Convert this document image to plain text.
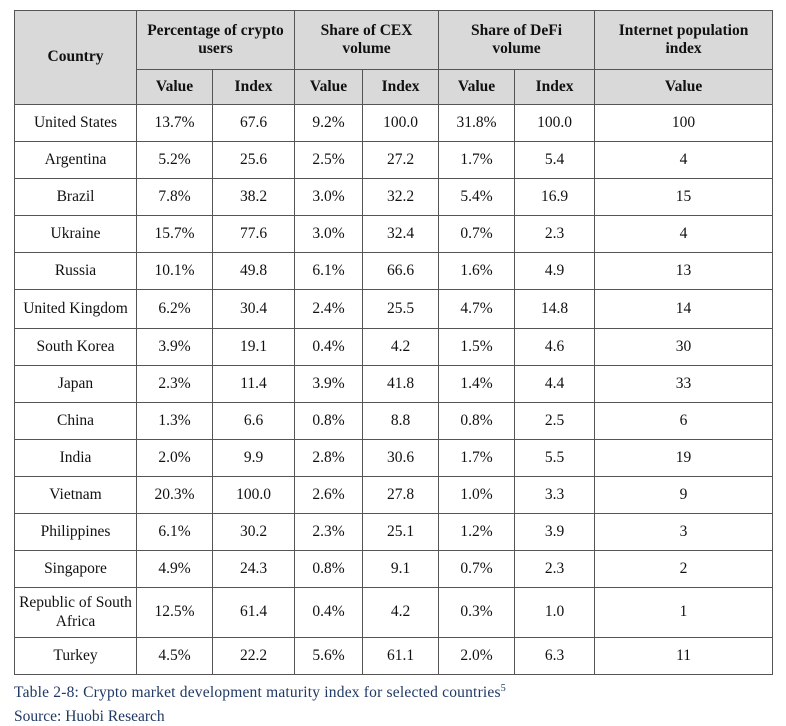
Country	Percentage of crypto users		Share of CEX volume		Share of DeFi volume		Internet population index
	Value	Index	Value	Index	Value	Index	Value
United States	13.7%	67.6	9.2%	100.0	31.8%	100.0	100
Argentina	5.2%	25.6	2.5%	27.2	1.7%	5.4	4
Brazil	7.8%	38.2	3.0%	32.2	5.4%	16.9	15
Ukraine	15.7%	77.6	3.0%	32.4	0.7%	2.3	4
Russia	10.1%	49.8	6.1%	66.6	1.6%	4.9	13
United Kingdom	6.2%	30.4	2.4%	25.5	4.7%	14.8	14
South Korea	3.9%	19.1	0.4%	4.2	1.5%	4.6	30
Japan	2.3%	11.4	3.9%	41.8	1.4%	4.4	33
China	1.3%	6.6	0.8%	8.8	0.8%	2.5	6
India	2.0%	9.9	2.8%	30.6	1.7%	5.5	19
Vietnam	20.3%	100.0	2.6%	27.8	1.0%	3.3	9
Philippines	6.1%	30.2	2.3%	25.1	1.2%	3.9	3
Singapore	4.9%	24.3	0.8%	9.1	0.7%	2.3	2
Republic of South Africa	12.5%	61.4	0.4%	4.2	0.3%	1.0	1
Turkey	4.5%	22.2	5.6%	61.1	2.0%	6.3	11
Table 2-8: Crypto market development maturity index for selected countries$^5$
Source: Huobi Research
